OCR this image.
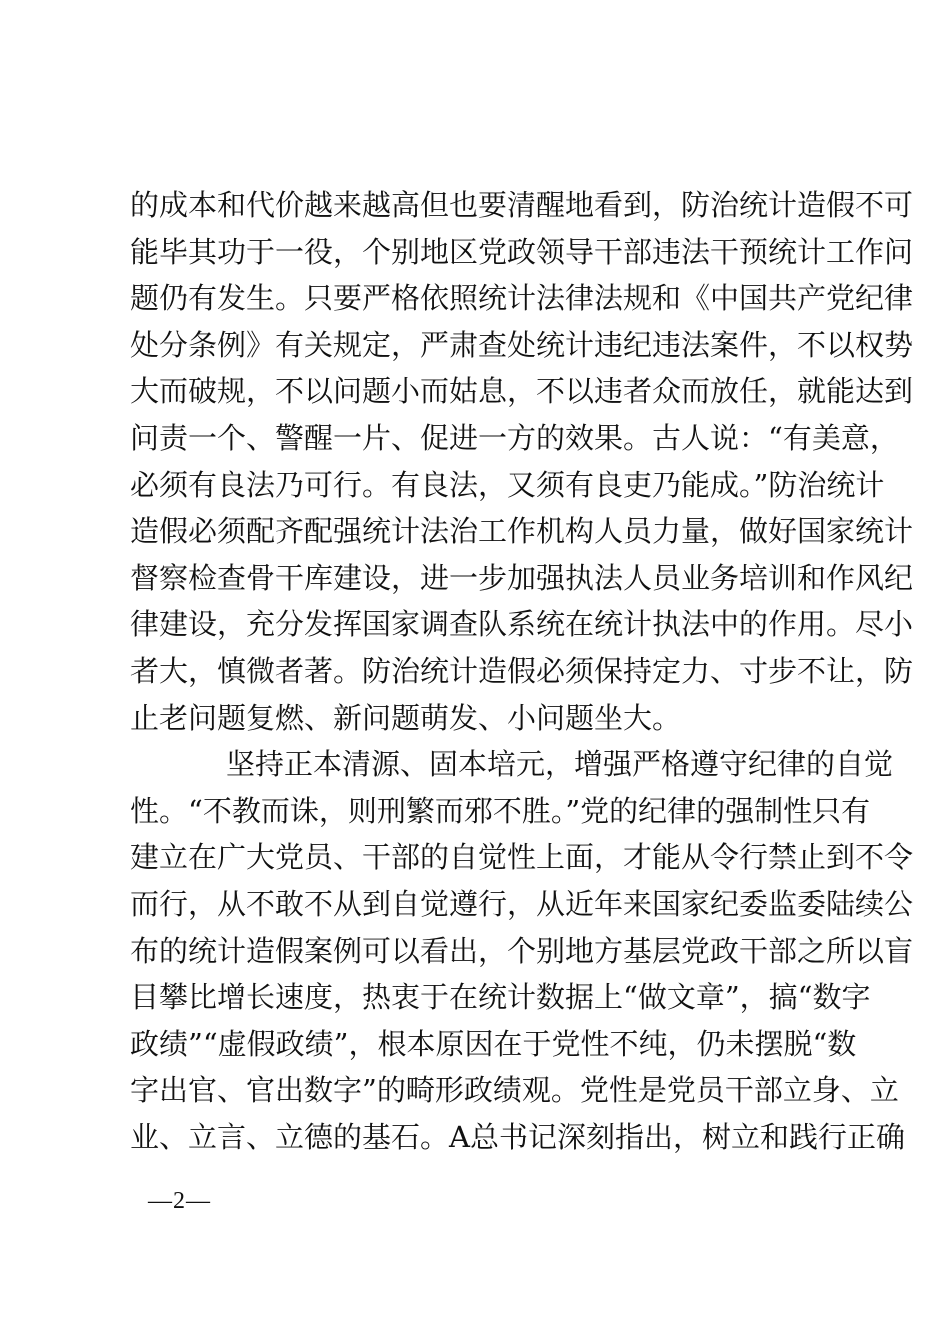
的成本和代价越来越高但也要清醒地看到，防治统计造假不可
能毕其功于一役，个别地区党政领导干部违法干预统计工作问
题仍有发生。只要严格依照统计法律法规和《中国共产党纪律
处分条例》有关规定，严肃查处统计违纪违法案件，不以权势
大而破规，不以问题小而姑息，不以违者众而放任，就能达到
问责一个、警醒一片、促进一方的效果。古人说：“有美意，
必须有良法乃可行。有良法，又须有良吏乃能成。”防治统计
造假必须配齐配强统计法治工作机构人员力量，做好国家统计
督察检查骨干库建设，进一步加强执法人员业务培训和作风纪
律建设，充分发挥国家调查队系统在统计执法中的作用。尽小
者大，慎微者著。防治统计造假必须保持定力、寸步不让，防
止老问题复燃、新问题萌发、小问题坐大。
坚持正本清源、固本培元，增强严格遵守纪律的自觉
性。“不教而诛，则刑繁而邪不胜。”党的纪律的强制性只有
建立在广大党员、干部的自觉性上面，才能从令行禁止到不令
而行，从不敢不从到自觉遵行，从近年来国家纪委监委陆续公
布的统计造假案例可以看出，个别地方基层党政干部之所以盲
目攀比增长速度，热衷于在统计数据上“做文章”，搞“数字
政绩”“虚假政绩”，根本原因在于党性不纯，仍未摆脱“数
字出官、官出数字”的畸形政绩观。党性是党员干部立身、立
业、立言、立德的基石。A总书记深刻指出，树立和践行正确
—2—
